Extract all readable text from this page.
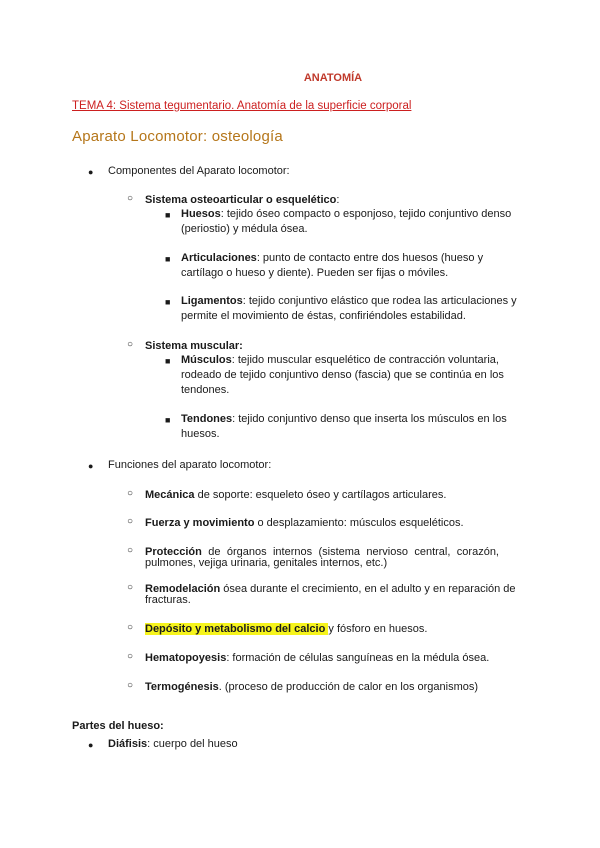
ANATOMÍA
TEMA 4: Sistema tegumentario. Anatomía de la superficie corporal
Aparato Locomotor: osteología
● Componentes del Aparato locomotor:
○ Sistema osteoarticular o esquelético:
■ Huesos: tejido óseo compacto o esponjoso, tejido conjuntivo denso
(periostio) y médula ósea.
■ Articulaciones: punto de contacto entre dos huesos (hueso y
cartílago o hueso y diente). Pueden ser fijas o móviles.
■ Ligamentos: tejido conjuntivo elástico que rodea las articulaciones y
permite el movimiento de éstas, confiriéndoles estabilidad.
○ Sistema muscular:
■ Músculos: tejido muscular esquelético de contracción voluntaria,
rodeado de tejido conjuntivo denso (fascia) que se continúa en los
tendones.
■ Tendones: tejido conjuntivo denso que inserta los músculos en los
huesos.
● Funciones del aparato locomotor:
○ Mecánica de soporte: esqueleto óseo y cartílagos articulares.
○ Fuerza y movimiento o desplazamiento: músculos esqueléticos.
○ Protección de órganos internos (sistema nervioso central, corazón,
pulmones, vejiga urinaria, genitales internos, etc.)
○ Remodelación ósea durante el crecimiento, en el adulto y en reparación de
fracturas.
○ Depósito y metabolismo del calcio y fósforo en huesos.
○ Hematopoyesis: formación de células sanguíneas en la médula ósea.
○ Termogénesis. (proceso de producción de calor en los organismos)
Partes del hueso:
● Diáfisis: cuerpo del hueso
